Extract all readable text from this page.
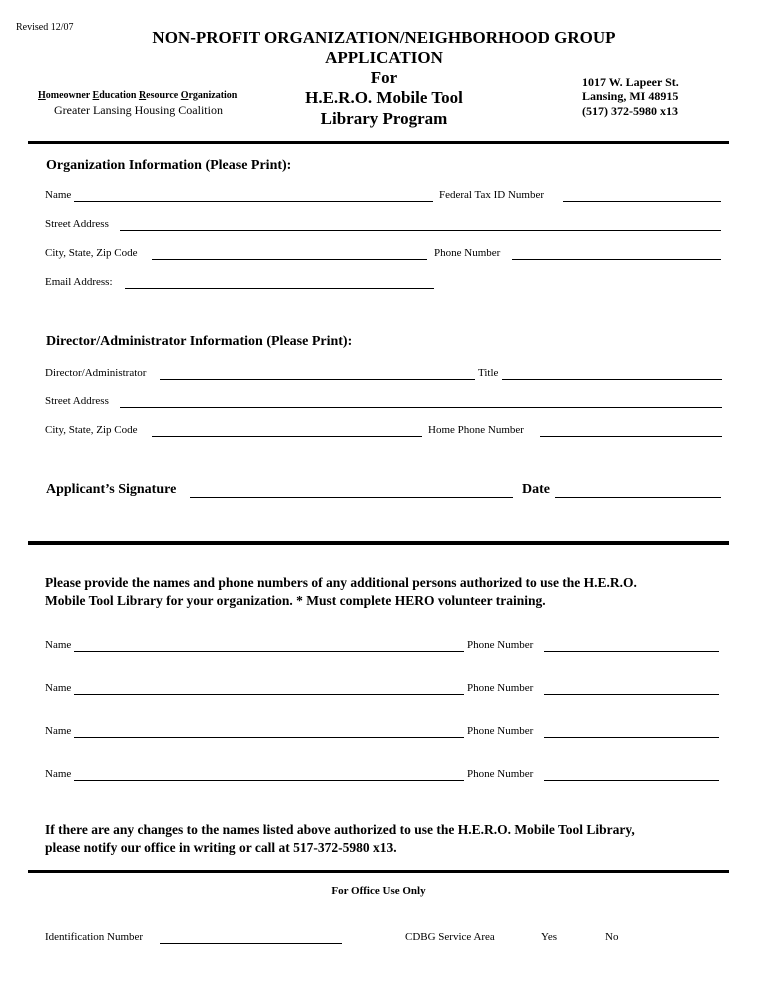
Revised 12/07
NON-PROFIT ORGANIZATION/NEIGHBORHOOD GROUP
APPLICATION
For
H.E.R.O. Mobile Tool
Library Program
Homeowner Education Resource Organization
Greater Lansing Housing Coalition
1017 W. Lapeer St.
Lansing, MI 48915
(517) 372-5980 x13
Organization Information (Please Print):
Name	Federal Tax ID Number
Street Address
City, State, Zip Code	Phone Number
Email Address:
Director/Administrator Information (Please Print):
Director/Administrator	Title
Street Address
City, State, Zip Code	Home Phone Number
Applicant’s Signature	Date
Please provide the names and phone numbers of any additional persons authorized to use the H.E.R.O.
Mobile Tool Library for your organization. * Must complete HERO volunteer training.
Name	Phone Number
Name	Phone Number
Name	Phone Number
Name	Phone Number
If there are any changes to the names listed above authorized to use the H.E.R.O. Mobile Tool Library,
please notify our office in writing or call at 517-372-5980 x13.
For Office Use Only
Identification Number	CDBG Service Area	Yes	No
